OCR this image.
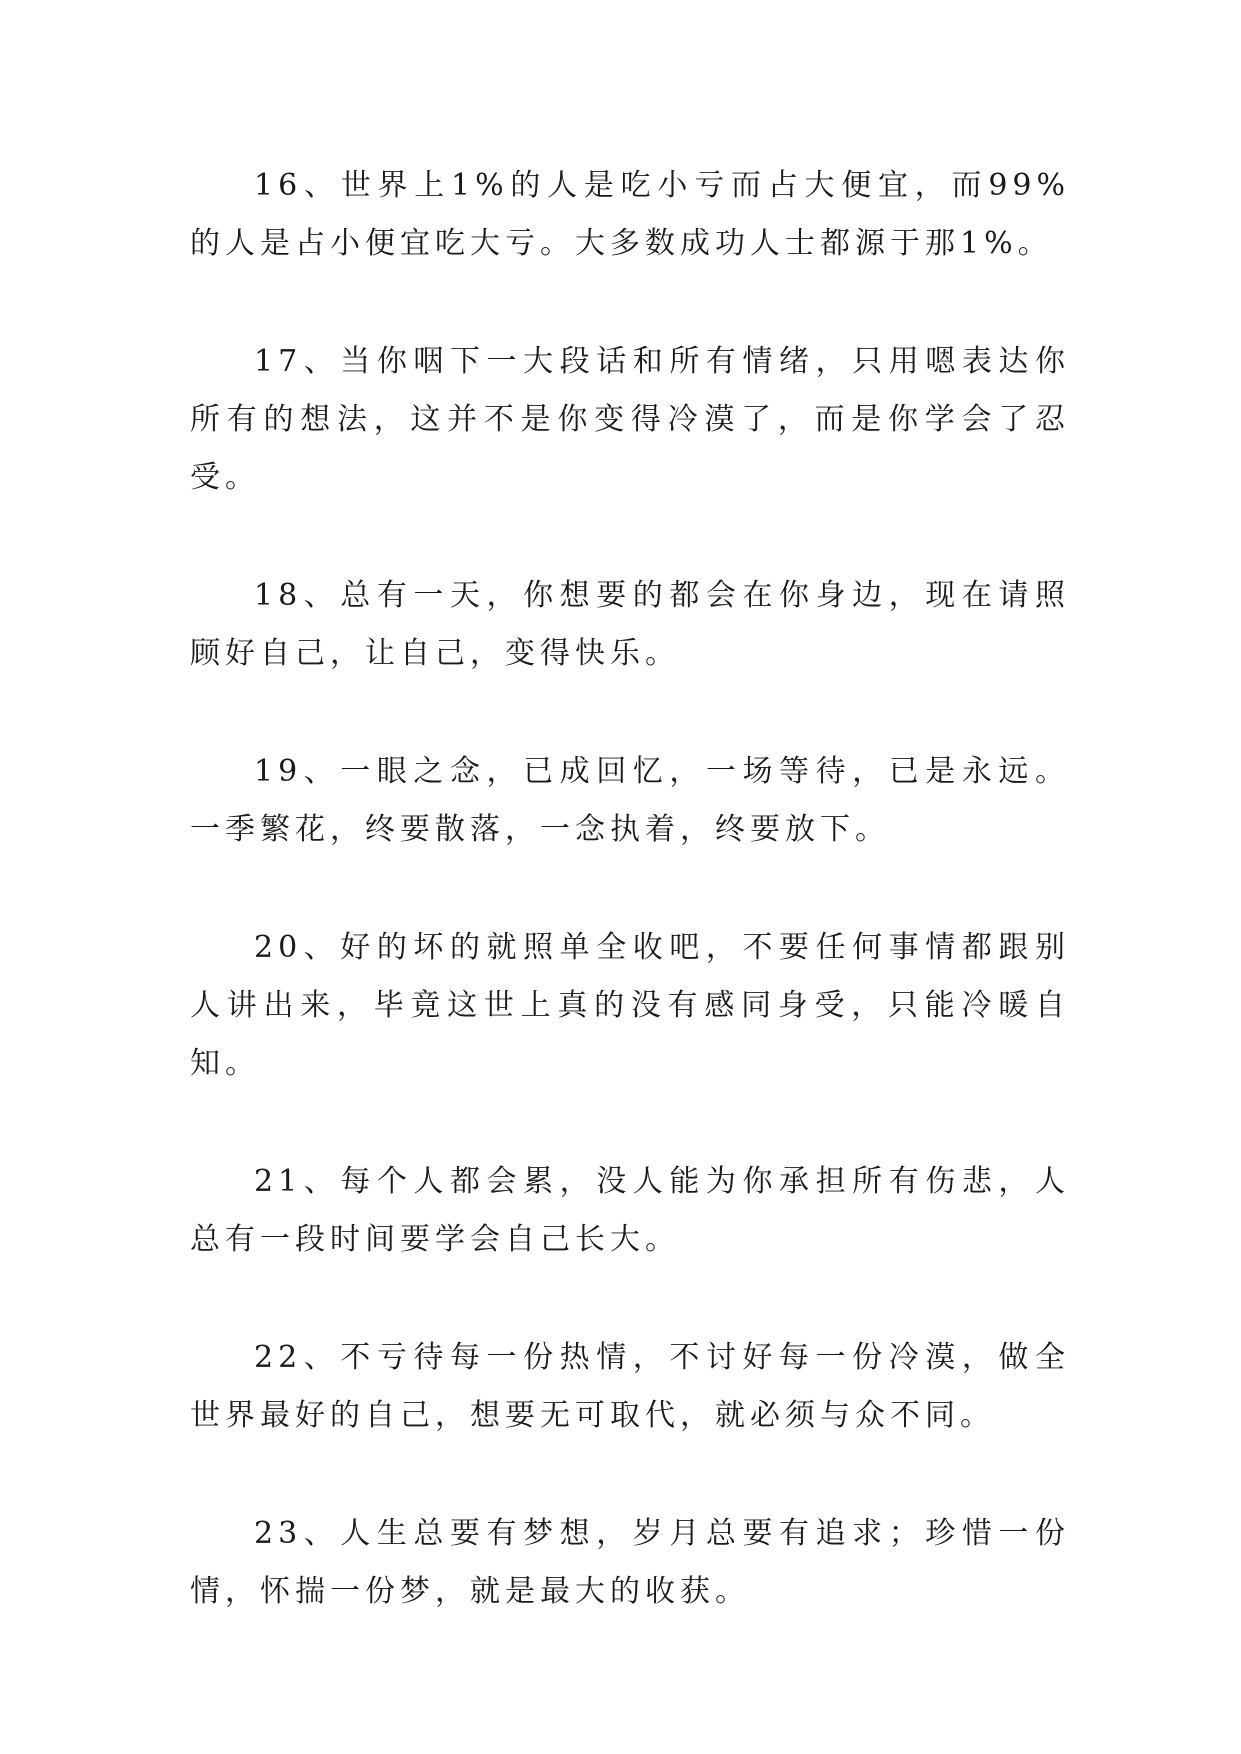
16、世界上1%的人是吃小亏而占大便宜，而99%的人是占小便宜吃大亏。大多数成功人士都源于那1%。

17、当你咽下一大段话和所有情绪，只用嗯表达你所有的想法，这并不是你变得冷漠了，而是你学会了忍受。

18、总有一天，你想要的都会在你身边，现在请照顾好自己，让自己，变得快乐。

19、一眼之念，已成回忆，一场等待，已是永远。一季繁花，终要散落，一念执着，终要放下。

20、好的坏的就照单全收吧，不要任何事情都跟别人讲出来，毕竟这世上真的没有感同身受，只能冷暖自知。

21、每个人都会累，没人能为你承担所有伤悲，人总有一段时间要学会自己长大。

22、不亏待每一份热情，不讨好每一份冷漠，做全世界最好的自己，想要无可取代，就必须与众不同。

23、人生总要有梦想，岁月总要有追求；珍惜一份情，怀揣一份梦，就是最大的收获。
